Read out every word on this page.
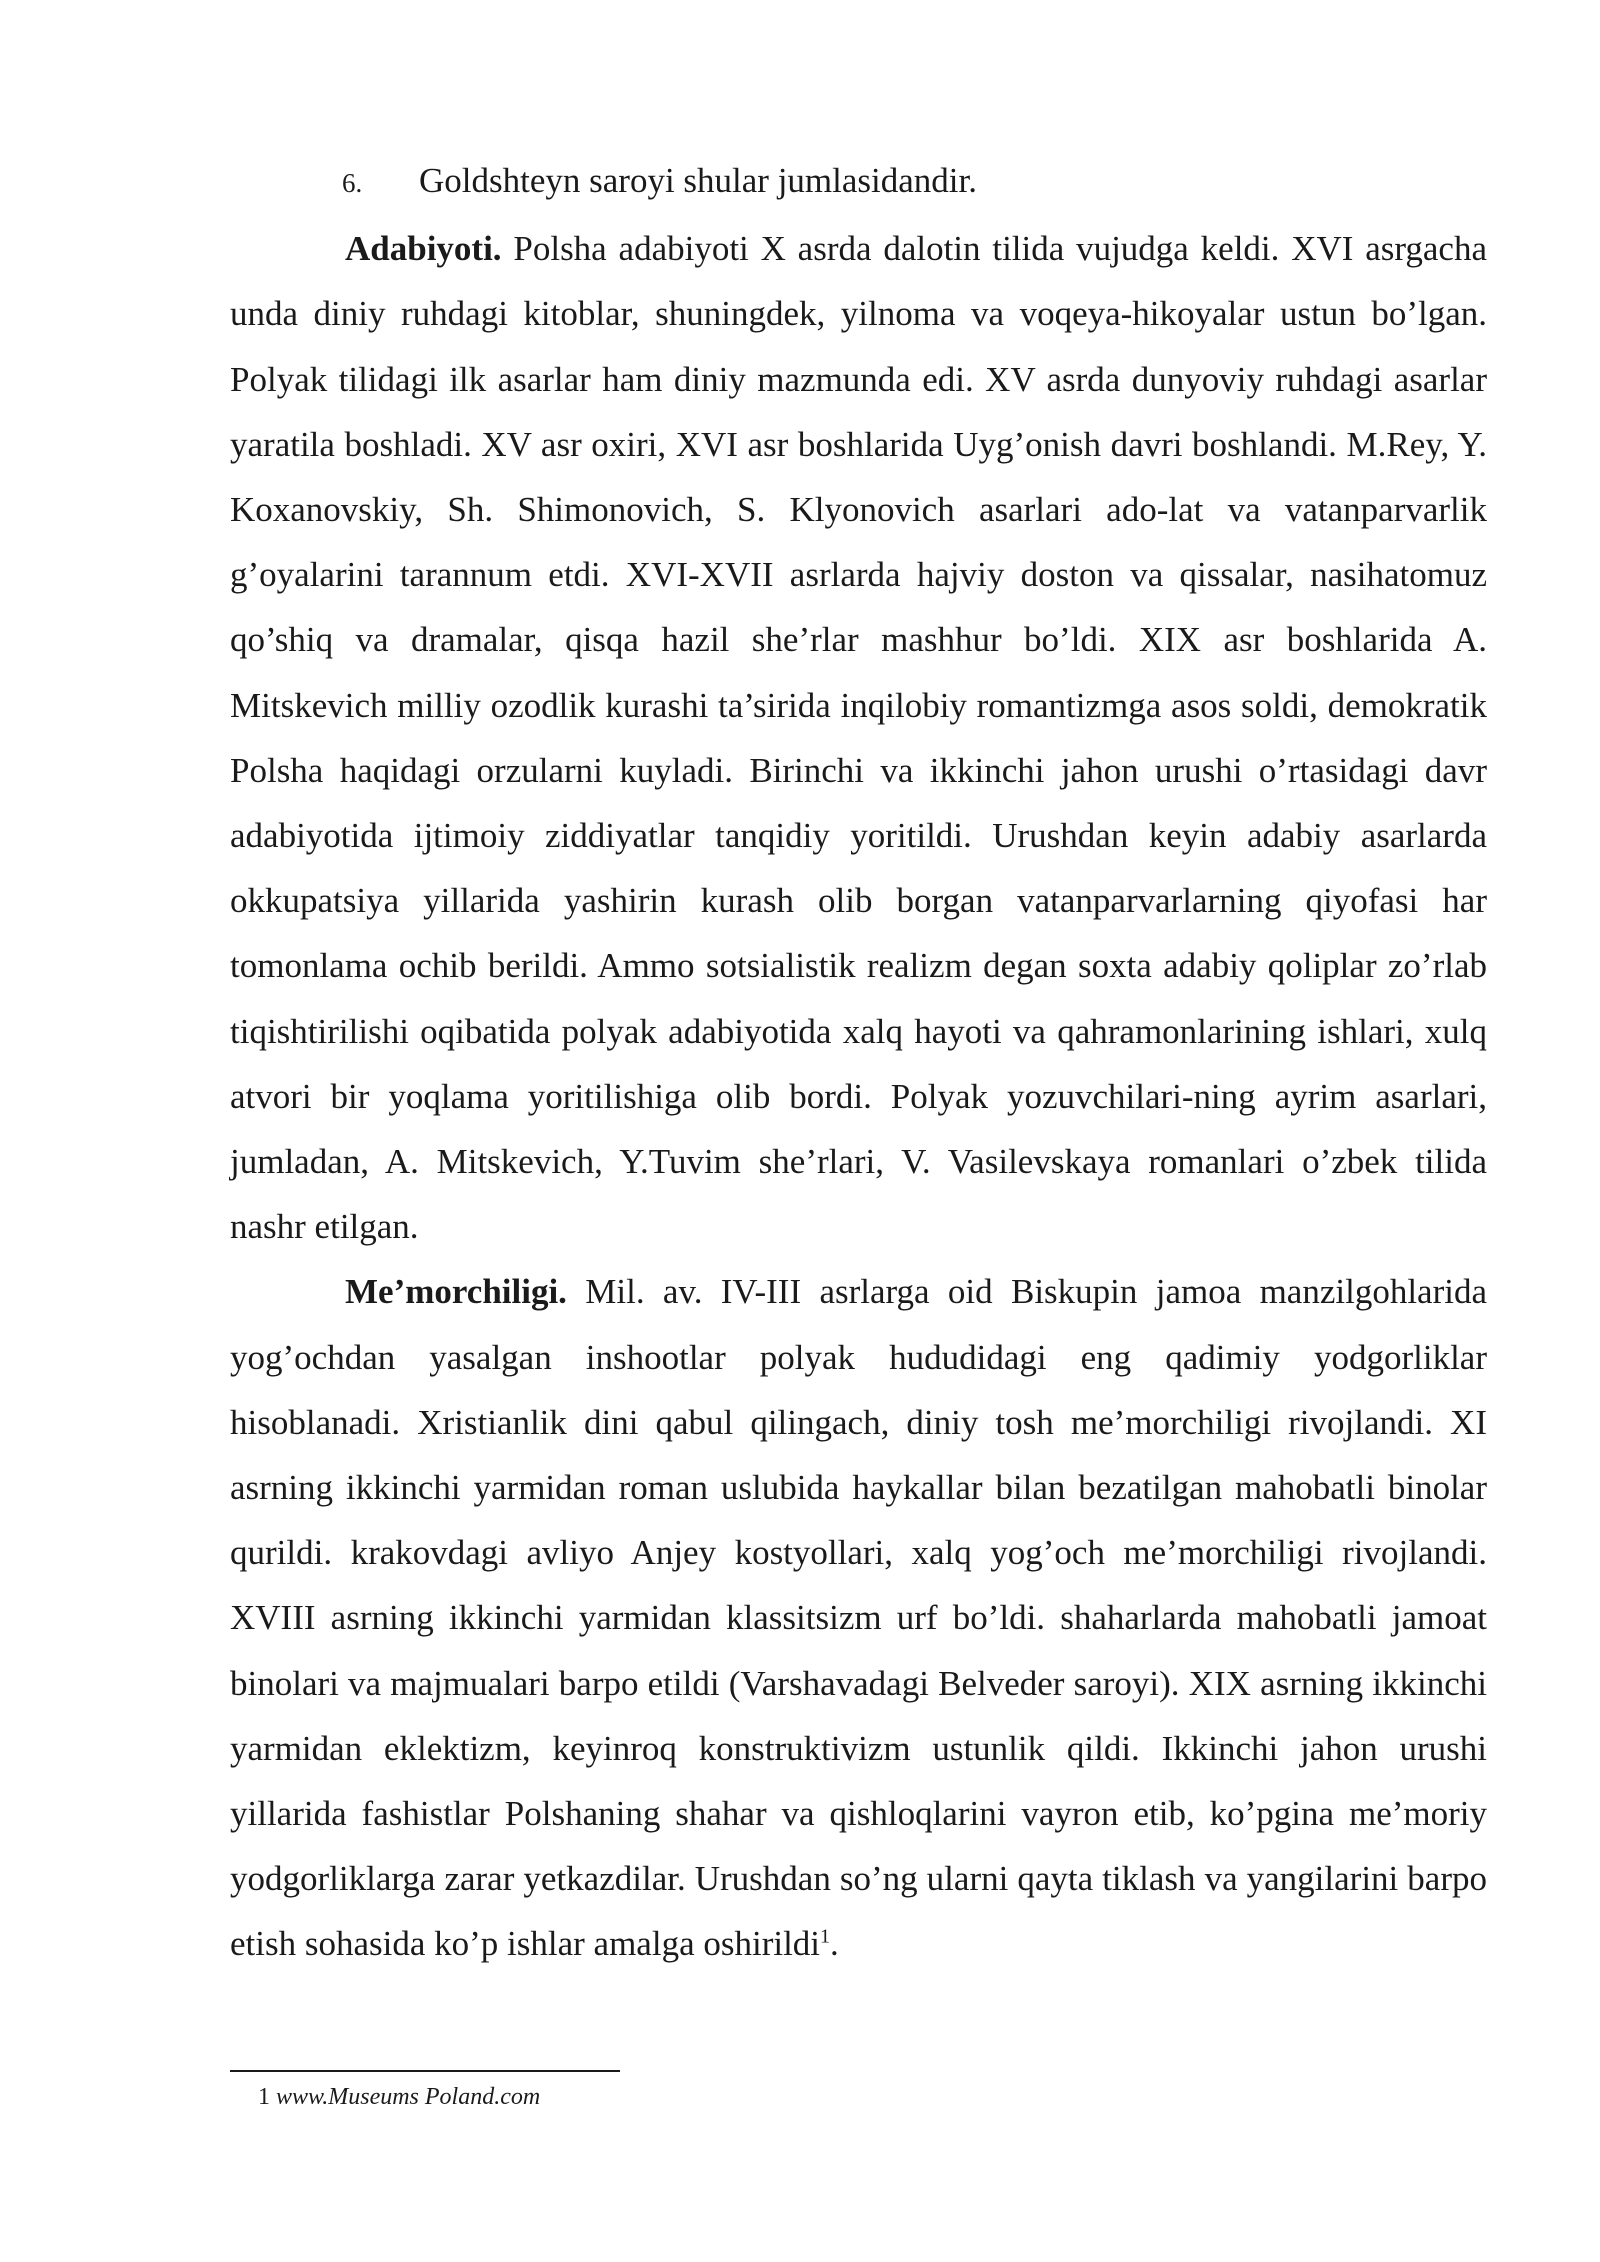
6. Goldshteyn saroyi shular jumlasidandir.

Adabiyoti. Polsha adabiyoti X asrda dalotin tilida vujudga keldi. XVI asrgacha unda diniy ruhdagi kitoblar, shuningdek, yilnoma va voqeya-hikoyalar ustun bo’lgan. Polyak tilidagi ilk asarlar ham diniy mazmunda edi. XV asrda dunyoviy ruhdagi asarlar yaratila boshladi. XV asr oxiri, XVI asr boshlarida Uyg’onish davri boshlandi. M.Rey, Y. Koxanovskiy, Sh. Shimonovich, S. Klyonovich asarlari ado-lat va vatanparvarlik g’oyalarini tarannum etdi. XVI-XVII asrlarda hajviy doston va qissalar, nasihatomuz qo’shiq va dramalar, qisqa hazil she’rlar mashhur bo’ldi. XIX asr boshlarida A. Mitskevich milliy ozodlik kurashi ta’sirida inqilobiy romantizmga asos soldi, demokratik Polsha haqidagi orzularni kuyladi. Birinchi va ikkinchi jahon urushi o’rtasidagi davr adabiyotida ijtimoiy ziddiyatlar tanqidiy yoritildi. Urushdan keyin adabiy asarlarda okkupatsiya yillarida yashirin kurash olib borgan vatanparvarlarning qiyofasi har tomonlama ochib berildi. Ammo sotsialistik realizm degan soxta adabiy qoliplar zo’rlab tiqishtirilishi oqibatida polyak adabiyotida xalq hayoti va qahramonlarining ishlari, xulq atvori bir yoqlama yoritilishiga olib bordi. Polyak yozuvchilari-ning ayrim asarlari, jumladan, A. Mitskevich, Y.Tuvim she’rlari, V. Vasilevskaya romanlari o’zbek tilida nashr etilgan.

Me’morchiligi. Mil. av. IV-III asrlarga oid Biskupin jamoa manzilgohlarida yog’ochdan yasalgan inshootlar polyak hududidagi eng qadimiy yodgorliklar hisoblanadi. Xristianlik dini qabul qilingach, diniy tosh me’morchiligi rivojlandi. XI asrning ikkinchi yarmidan roman uslubida haykallar bilan bezatilgan mahobatli binolar qurildi. krakovdagi avliyo Anjey kostyollari, xalq yog’och me’morchiligi rivojlandi. XVIII asrning ikkinchi yarmidan klassitsizm urf bo’ldi. shaharlarda mahobatli jamoat binolari va majmualari barpo etildi (Varshavadagi Belveder saroyi). XIX asrning ikkinchi yarmidan eklektizm, keyinroq konstruktivizm ustunlik qildi. Ikkinchi jahon urushi yillarida fashistlar Polshaning shahar va qishloqlarini vayron etib, ko’pgina me’moriy yodgorliklarga zarar yetkazdilar. Urushdan so’ng ularni qayta tiklash va yangilarini barpo etish sohasida ko’p ishlar amalga oshirildi$^1$.

1 www.Museums Poland.com
